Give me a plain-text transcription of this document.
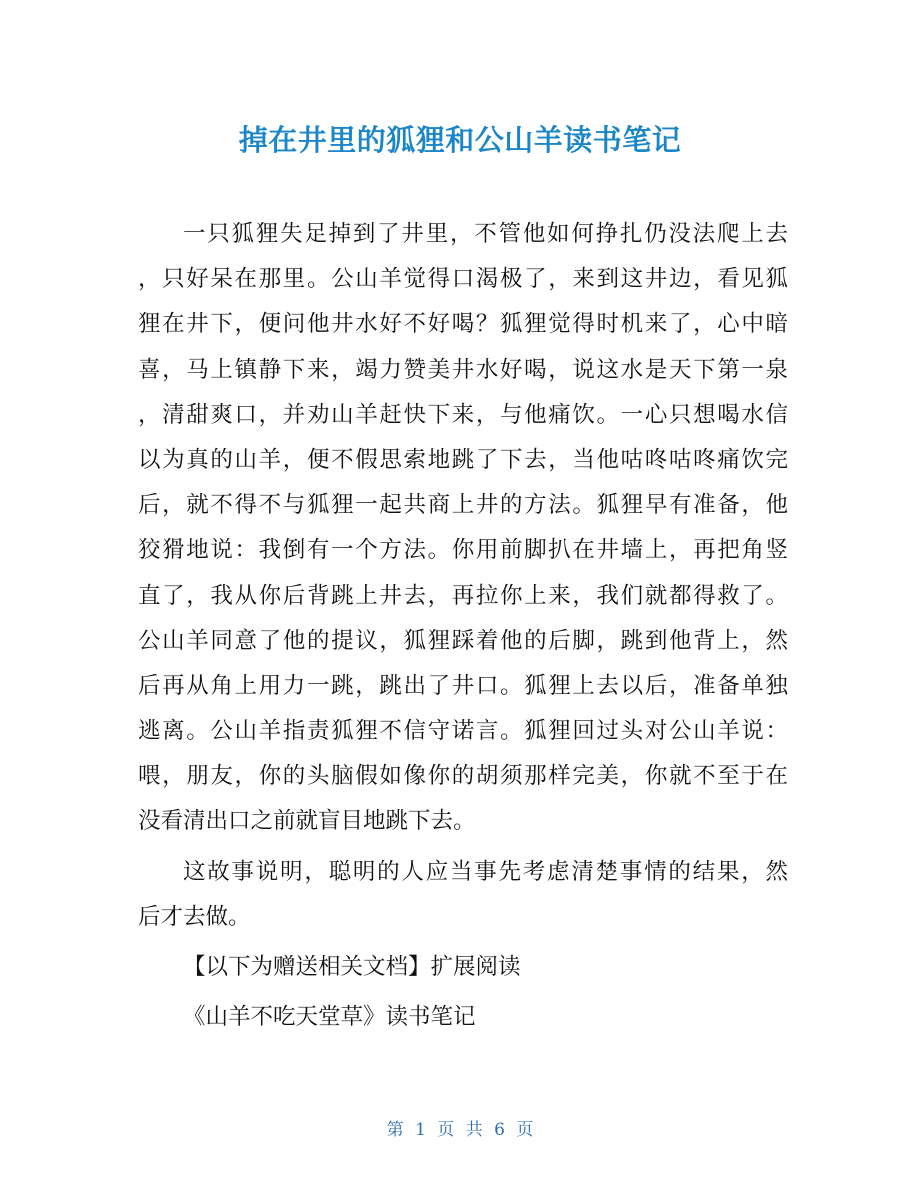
掉在井里的狐狸和公山羊读书笔记
一只狐狸失足掉到了井里，不管他如何挣扎仍没法爬上去
，只好呆在那里。公山羊觉得口渴极了，来到这井边，看见狐
狸在井下，便问他井水好不好喝？狐狸觉得时机来了，心中暗
喜，马上镇静下来，竭力赞美井水好喝，说这水是天下第一泉
，清甜爽口，并劝山羊赶快下来，与他痛饮。一心只想喝水信
以为真的山羊，便不假思索地跳了下去，当他咕咚咕咚痛饮完
后，就不得不与狐狸一起共商上井的方法。狐狸早有准备，他
狡猾地说：我倒有一个方法。你用前脚扒在井墙上，再把角竖
直了，我从你后背跳上井去，再拉你上来，我们就都得救了。
公山羊同意了他的提议，狐狸踩着他的后脚，跳到他背上，然
后再从角上用力一跳，跳出了井口。狐狸上去以后，准备单独
逃离。公山羊指责狐狸不信守诺言。狐狸回过头对公山羊说：
喂，朋友，你的头脑假如像你的胡须那样完美，你就不至于在
没看清出口之前就盲目地跳下去。
这故事说明，聪明的人应当事先考虑清楚事情的结果，然
后才去做。
【以下为赠送相关文档】扩展阅读
《山羊不吃天堂草》读书笔记
第 1 页 共 6 页
